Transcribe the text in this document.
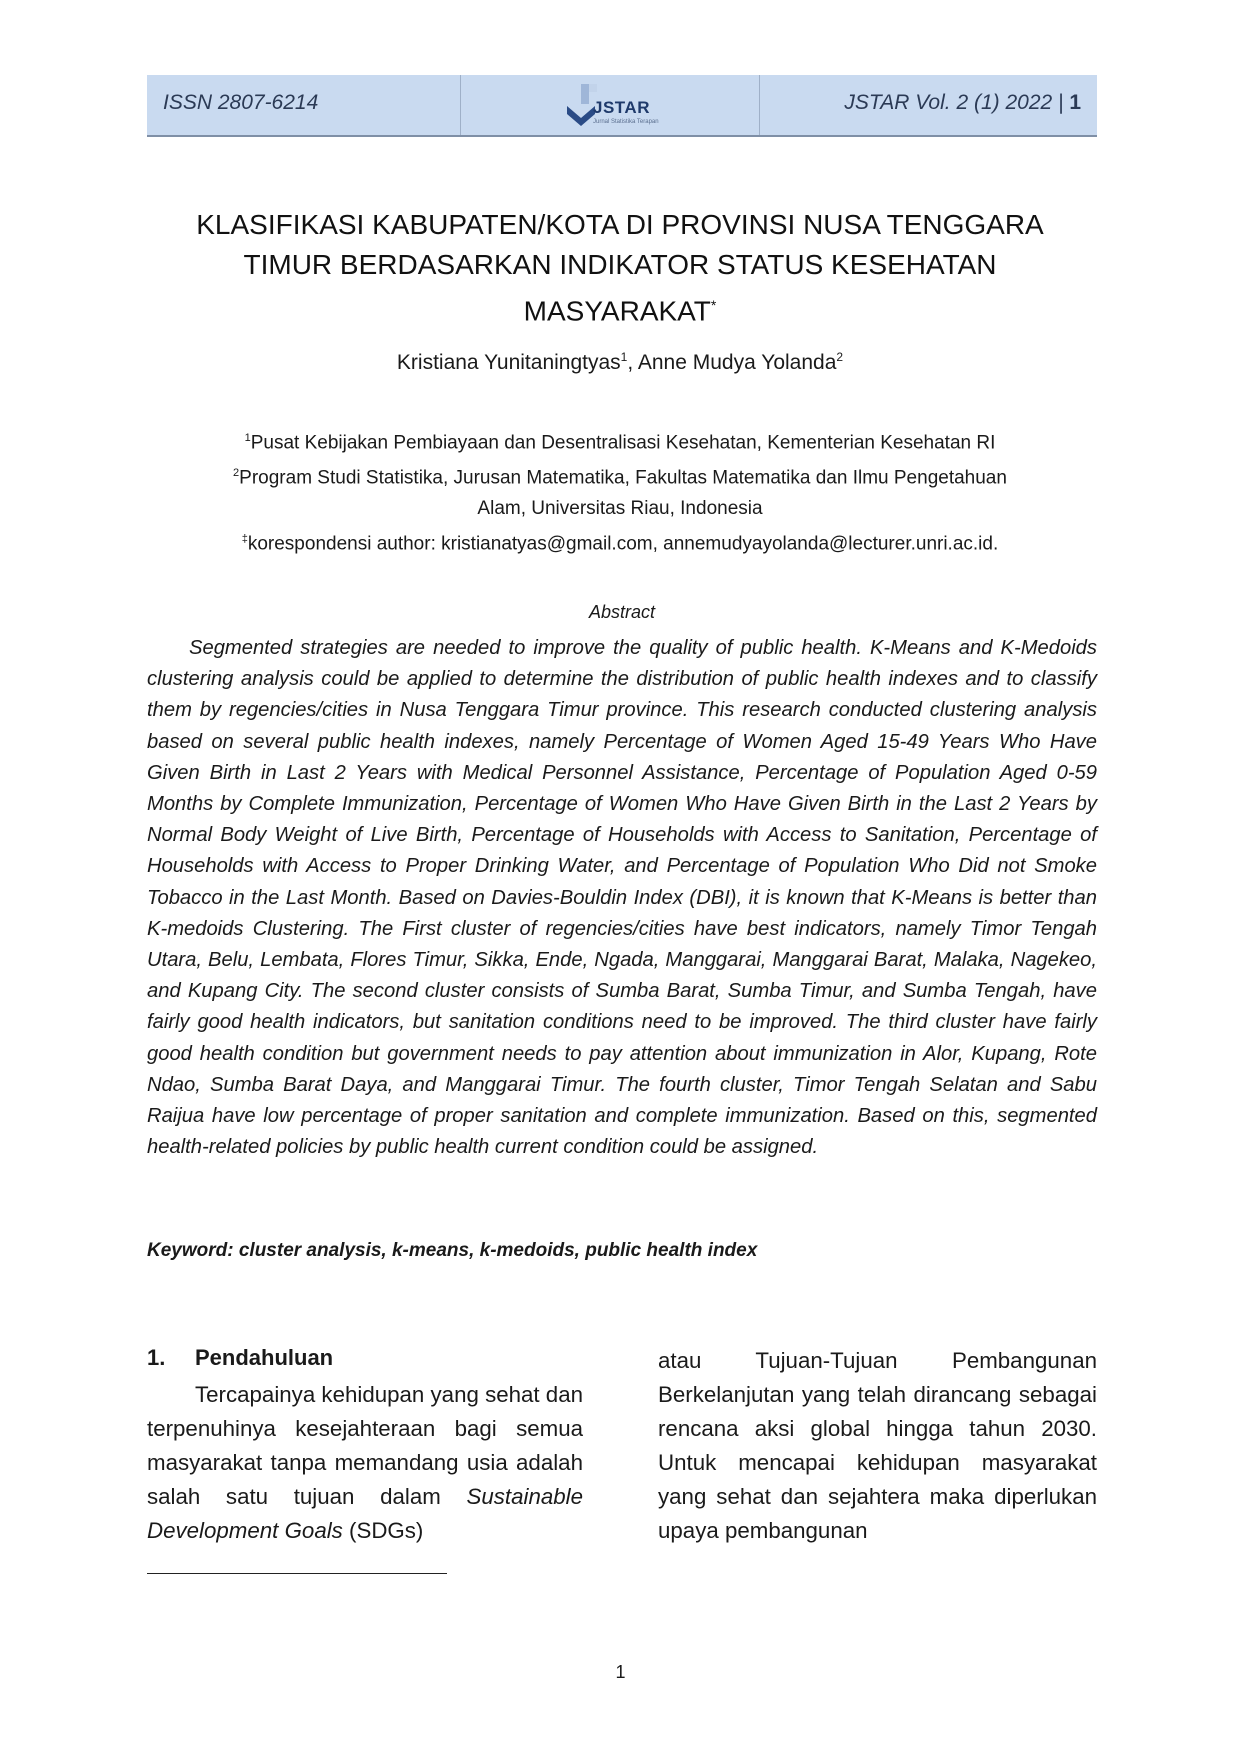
ISSN 2807-6214	JSTAR
Jurnal Statistika Terapan
JSTAR Vol. 2 (1) 2022 | 1
KLASIFIKASI KABUPATEN/KOTA DI PROVINSI NUSA TENGGARA
TIMUR BERDASARKAN INDIKATOR STATUS KESEHATAN
MASYARAKAT*
Kristiana Yunitaningtyas$^1$, Anne Mudya Yolanda$^2$
$^1$Pusat Kebijakan Pembiayaan dan Desentralisasi Kesehatan, Kementerian Kesehatan RI
$^2$Program Studi Statistika, Jurusan Matematika, Fakultas Matematika dan Ilmu Pengetahuan
Alam, Universitas Riau, Indonesia
‡korespondensi author: kristianatyas@gmail.com, annemudyayolanda@lecturer.unri.ac.id.
Abstract
Segmented strategies are needed to improve the quality of public health. K-Means and K-Medoids clustering analysis could be applied to determine the distribution of public health indexes and to classify them by regencies/cities in Nusa Tenggara Timur province. This research conducted clustering analysis based on several public health indexes, namely Percentage of Women Aged 15-49 Years Who Have Given Birth in Last 2 Years with Medical Personnel Assistance, Percentage of Population Aged 0-59 Months by Complete Immunization, Percentage of Women Who Have Given Birth in the Last 2 Years by Normal Body Weight of Live Birth, Percentage of Households with Access to Sanitation, Percentage of Households with Access to Proper Drinking Water, and Percentage of Population Who Did not Smoke Tobacco in the Last Month. Based on Davies-Bouldin Index (DBI), it is known that K-Means is better than K-medoids Clustering. The First cluster of regencies/cities have best indicators, namely Timor Tengah Utara, Belu, Lembata, Flores Timur, Sikka, Ende, Ngada, Manggarai, Manggarai Barat, Malaka, Nagekeo, and Kupang City. The second cluster consists of Sumba Barat, Sumba Timur, and Sumba Tengah, have fairly good health indicators, but sanitation conditions need to be improved. The third cluster have fairly good health condition but government needs to pay attention about immunization in Alor, Kupang, Rote Ndao, Sumba Barat Daya, and Manggarai Timur. The fourth cluster, Timor Tengah Selatan and Sabu Raijua have low percentage of proper sanitation and complete immunization. Based on this, segmented health-related policies by public health current condition could be assigned.
Keyword: cluster analysis, k-means, k-medoids, public health index
1. Pendahuluan
Tercapainya kehidupan yang sehat dan terpenuhinya kesejahteraan bagi semua masyarakat tanpa memandang usia adalah salah satu tujuan dalam Sustainable Development Goals (SDGs)
atau Tujuan-Tujuan Pembangunan Berkelanjutan yang telah dirancang sebagai rencana aksi global hingga tahun 2030. Untuk mencapai kehidupan masyarakat yang sehat dan sejahtera maka diperlukan upaya pembangunan
1
